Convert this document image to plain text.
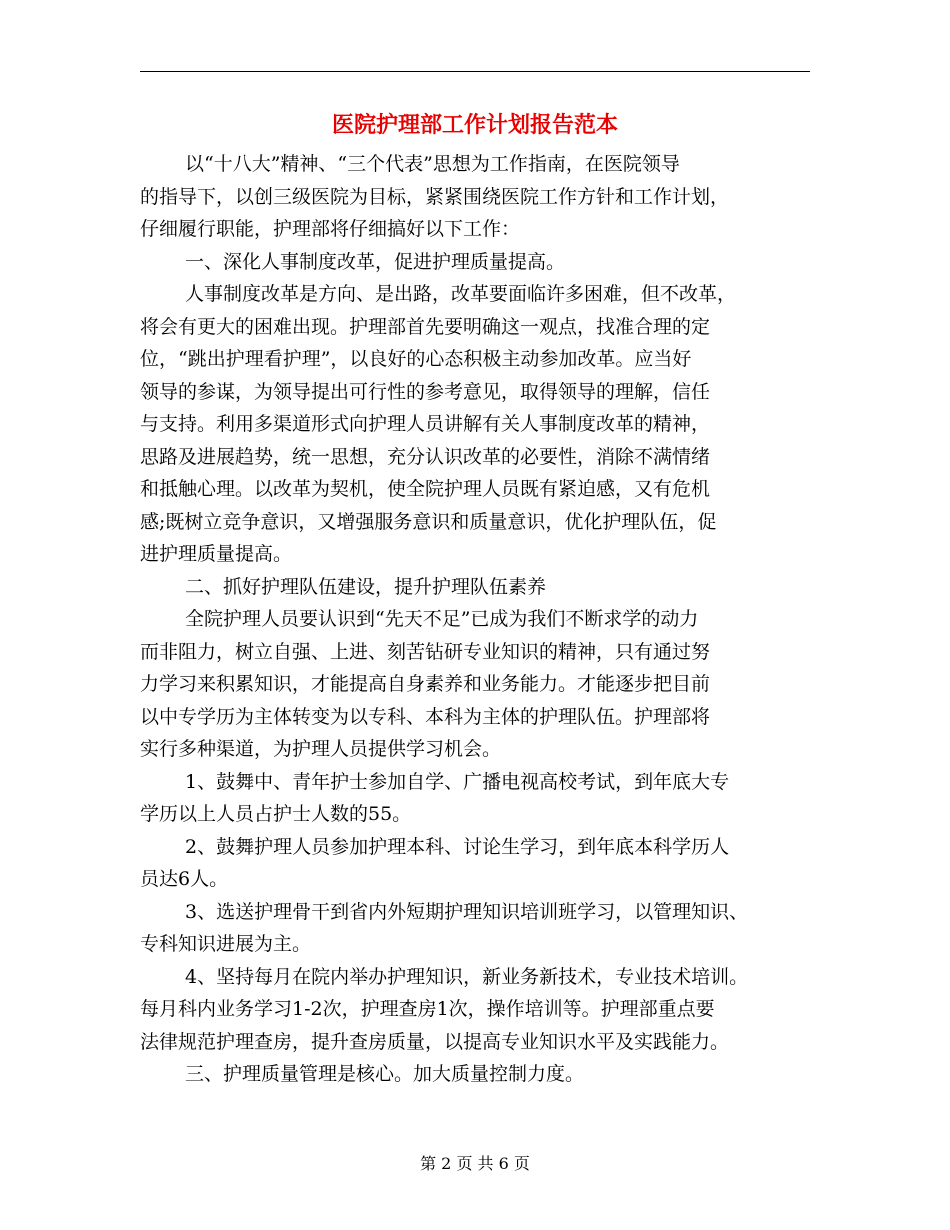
医院护理部工作计划报告范本
以“十八大”精神、“三个代表”思想为工作指南，在医院领导
的指导下，以创三级医院为目标，紧紧围绕医院工作方针和工作计划，
仔细履行职能，护理部将仔细搞好以下工作：
一、深化人事制度改革，促进护理质量提高。
人事制度改革是方向、是出路，改革要面临许多困难，但不改革，
将会有更大的困难出现。护理部首先要明确这一观点，找准合理的定
位，“跳出护理看护理”，以良好的心态积极主动参加改革。应当好
领导的参谋，为领导提出可行性的参考意见，取得领导的理解，信任
与支持。利用多渠道形式向护理人员讲解有关人事制度改革的精神，
思路及进展趋势，统一思想，充分认识改革的必要性，消除不满情绪
和抵触心理。以改革为契机，使全院护理人员既有紧迫感，又有危机
感;既树立竞争意识，又增强服务意识和质量意识，优化护理队伍，促
进护理质量提高。
二、抓好护理队伍建设，提升护理队伍素养
全院护理人员要认识到“先天不足”已成为我们不断求学的动力
而非阻力，树立自强、上进、刻苦钻研专业知识的精神，只有通过努
力学习来积累知识，才能提高自身素养和业务能力。才能逐步把目前
以中专学历为主体转变为以专科、本科为主体的护理队伍。护理部将
实行多种渠道，为护理人员提供学习机会。
1、鼓舞中、青年护士参加自学、广播电视高校考试，到年底大专
学历以上人员占护士人数的55。
2、鼓舞护理人员参加护理本科、讨论生学习，到年底本科学历人
员达6人。
3、选送护理骨干到省内外短期护理知识培训班学习，以管理知识、
专科知识进展为主。
4、坚持每月在院内举办护理知识，新业务新技术，专业技术培训。
每月科内业务学习1-2次，护理查房1次，操作培训等。护理部重点要
法律规范护理查房，提升查房质量，以提高专业知识水平及实践能力。
三、护理质量管理是核心。加大质量控制力度。
第 2 页 共 6 页
